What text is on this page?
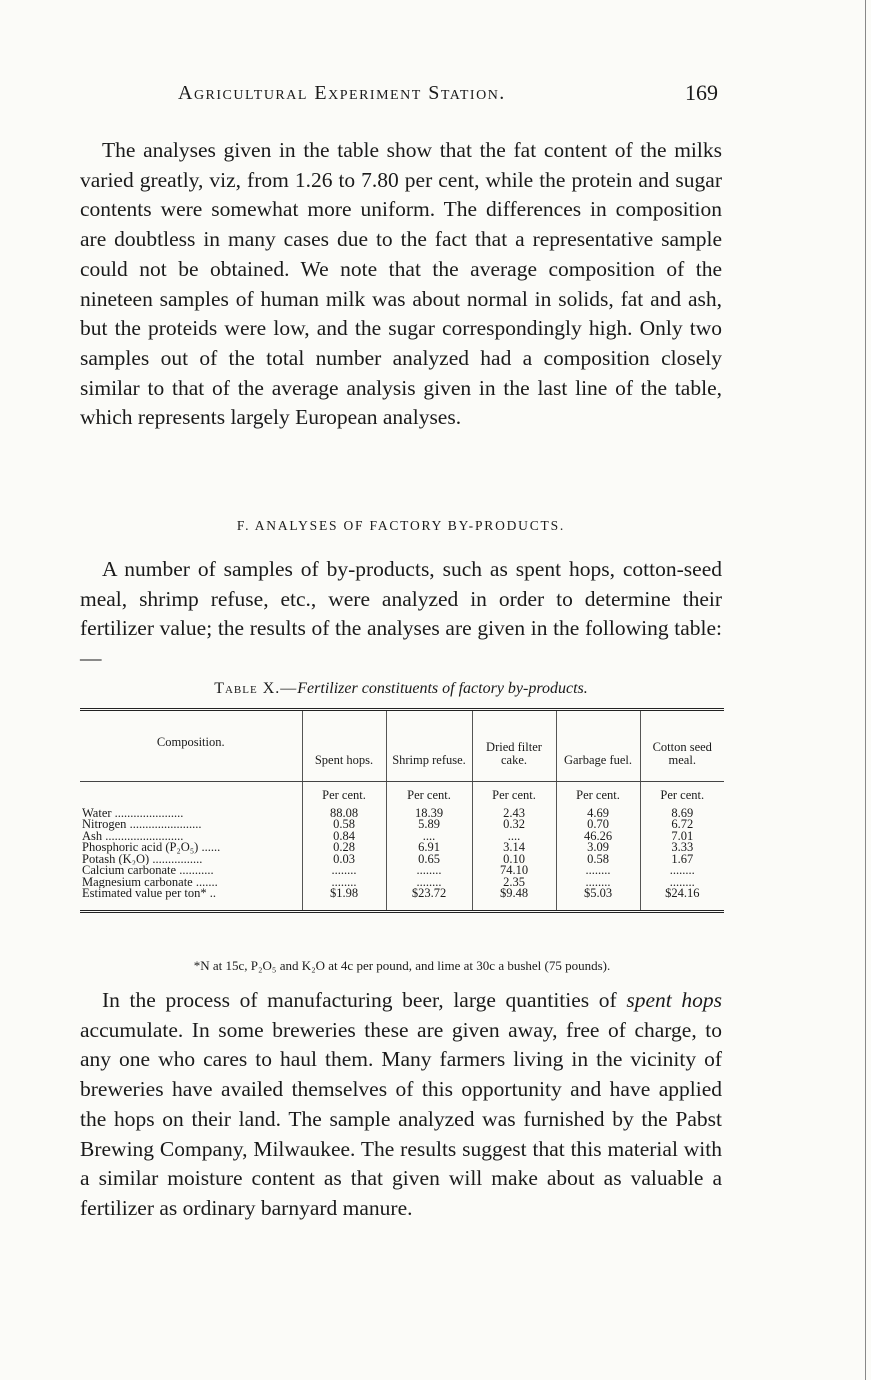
Agricultural Experiment Station.	169

The analyses given in the table show that the fat content of the milks varied greatly, viz, from 1.26 to 7.80 per cent, while the protein and sugar contents were somewhat more uniform. The differences in composition are doubtless in many cases due to the fact that a representative sample could not be obtained. We note that the average composition of the nineteen samples of human milk was about normal in solids, fat and ash, but the proteids were low, and the sugar correspondingly high. Only two samples out of the total number analyzed had a composition closely similar to that of the average analysis given in the last line of the table, which represents largely European analyses.

F. ANALYSES OF FACTORY BY-PRODUCTS.

A number of samples of by-products, such as spent hops, cotton-seed meal, shrimp refuse, etc., were analyzed in order to determine their fertilizer value; the results of the analyses are given in the following table:—

Table X.—Fertilizer constituents of factory by-products.
Composition.	Spent hops.	Shrimp refuse.	Dried filter cake.	Garbage fuel.	Cotton seed meal.
	Per cent.	Per cent.	Per cent.	Per cent.	Per cent.
Water ......................	88.08	18.39	2.43	4.69	8.69
Nitrogen .......................	0.58	5.89	0.32	0.70	6.72
Ash .........................	0.84	....	....	46.26	7.01
Phosphoric acid (P₂O₅) ......	0.28	6.91	3.14	3.09	3.33
Potash (K₂O) ................	0.03	0.65	0.10	0.58	1.67
Calcium carbonate ...........	........	........	74.10	........	........
Magnesium carbonate .......	........	........	2.35	........	........
Estimated value per ton* ..	$1.98	$23.72	$9.48	$5.03	$24.16
*N at 15c, P₂O₅ and K₂O at 4c per pound, and lime at 30c a bushel (75 pounds).

In the process of manufacturing beer, large quantities of spent hops accumulate. In some breweries these are given away, free of charge, to any one who cares to haul them. Many farmers living in the vicinity of breweries have availed themselves of this opportunity and have applied the hops on their land. The sample analyzed was furnished by the Pabst Brewing Company, Milwaukee. The results suggest that this material with a similar moisture content as that given will make about as valuable a fertilizer as ordinary barnyard manure.
